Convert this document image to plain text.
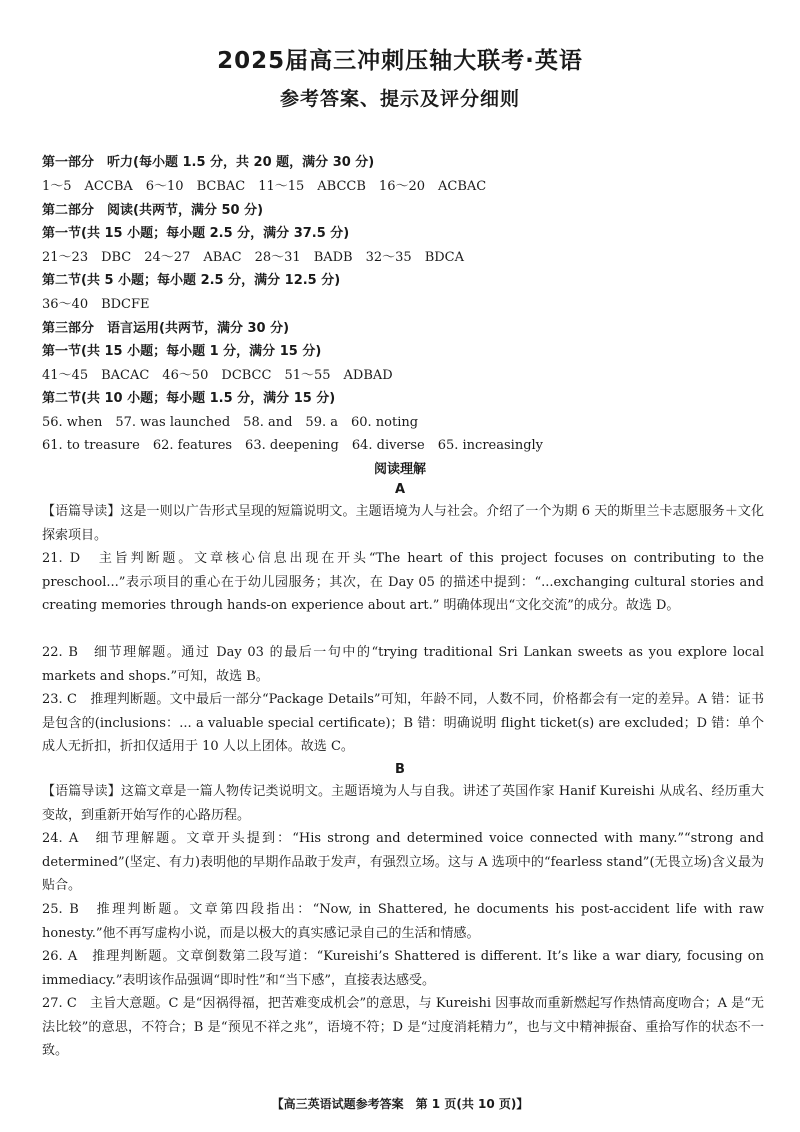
2025届高三冲刺压轴大联考·英语
参考答案、提示及评分细则
第一部分　听力(每小题 1.5 分，共 20 题，满分 30 分)
1～5　ACCBA　6～10　BCBAC　11～15　ABCCB　16～20　ACBAC
第二部分　阅读(共两节，满分 50 分)
第一节(共 15 小题；每小题 2.5 分，满分 37.5 分)
21～23　DBC　24～27　ABAC　28～31　BADB　32～35　BDCA
第二节(共 5 小题；每小题 2.5 分，满分 12.5 分)
36～40　BDCFE
第三部分　语言运用(共两节，满分 30 分)
第一节(共 15 小题；每小题 1 分，满分 15 分)
41～45　BACAC　46～50　DCBCC　51～55　ADBAD
第二节(共 10 小题；每小题 1.5 分，满分 15 分)
56. when　57. was launched　58. and　59. a　60. noting
61. to treasure　62. features　63. deepening　64. diverse　65. increasingly
阅读理解
A
【语篇导读】这是一则以广告形式呈现的短篇说明文。主题语境为人与社会。介绍了一个为期 6 天的斯里兰卡志愿服务＋文化探索项目。
21. D　主旨判断题。文章核心信息出现在开头“The heart of this project focuses on contributing to the preschool...”表示项目的重心在于幼儿园服务；其次，在 Day 05 的描述中提到：“...exchanging cultural stories and creating memories through hands-on experience about art.” 明确体现出“文化交流”的成分。故选 D。
22. B　细节理解题。通过 Day 03 的最后一句中的“trying traditional Sri Lankan sweets as you explore local markets and shops.”可知，故选 B。
23. C　推理判断题。文中最后一部分“Package Details”可知，年龄不同，人数不同，价格都会有一定的差异。A 错：证书是包含的(inclusions：... a valuable special certificate)；B 错：明确说明 flight ticket(s) are excluded；D 错：单个成人无折扣，折扣仅适用于 10 人以上团体。故选 C。
B
【语篇导读】这篇文章是一篇人物传记类说明文。主题语境为人与自我。讲述了英国作家 Hanif Kureishi 从成名、经历重大变故，到重新开始写作的心路历程。
24. A　细节理解题。文章开头提到：“His strong and determined voice connected with many.”“strong and determined”(坚定、有力)表明他的早期作品敢于发声，有强烈立场。这与 A 选项中的“fearless stand”(无畏立场)含义最为贴合。
25. B　推理判断题。文章第四段指出：“Now, in Shattered, he documents his post-accident life with raw honesty.”他不再写虚构小说，而是以极大的真实感记录自己的生活和情感。
26. A　推理判断题。文章倒数第二段写道：“Kureishi’s Shattered is different. It’s like a war diary, focusing on immediacy.”表明该作品强调“即时性”和“当下感”，直接表达感受。
27. C　主旨大意题。C 是“因祸得福，把苦难变成机会”的意思，与 Kureishi 因事故而重新燃起写作热情高度吻合；A 是“无法比较”的意思，不符合；B 是“预见不祥之兆”，语境不符；D 是“过度消耗精力”，也与文中精神振奋、重拾写作的状态不一致。
【高三英语试题参考答案　第 1 页(共 10 页)】
